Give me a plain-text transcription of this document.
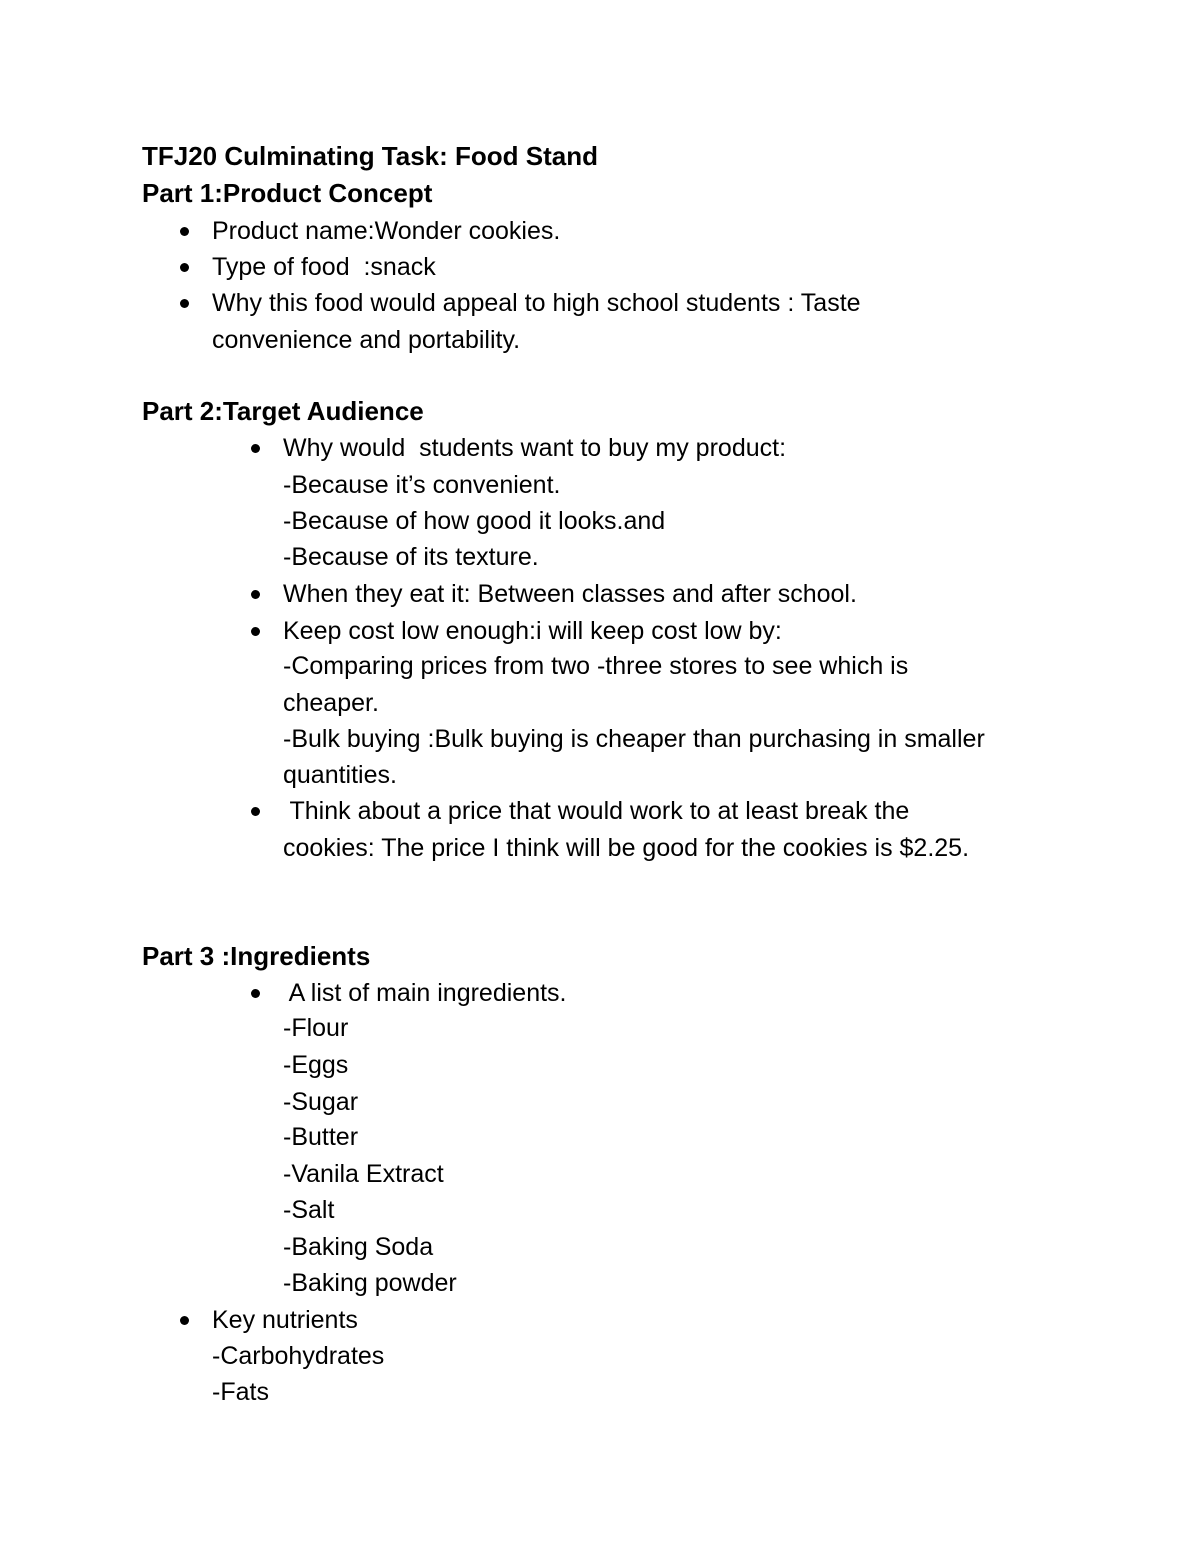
TFJ20 Culminating Task: Food Stand
Part 1:Product Concept
Product name:Wonder cookies.
Type of food  :snack
Why this food would appeal to high school students : Taste
convenience and portability.
Part 2:Target Audience
Why would  students want to buy my product:
-Because it’s convenient.
-Because of how good it looks.and
-Because of its texture.
When they eat it: Between classes and after school.
Keep cost low enough:i will keep cost low by:
-Comparing prices from two -three stores to see which is
cheaper.
-Bulk buying :Bulk buying is cheaper than purchasing in smaller
quantities.
Think about a price that would work to at least break the
cookies: The price I think will be good for the cookies is $2.25.
Part 3 :Ingredients
A list of main ingredients.
-Flour
-Eggs
-Sugar
-Butter
-Vanila Extract
-Salt
-Baking Soda
-Baking powder
Key nutrients
-Carbohydrates
-Fats
